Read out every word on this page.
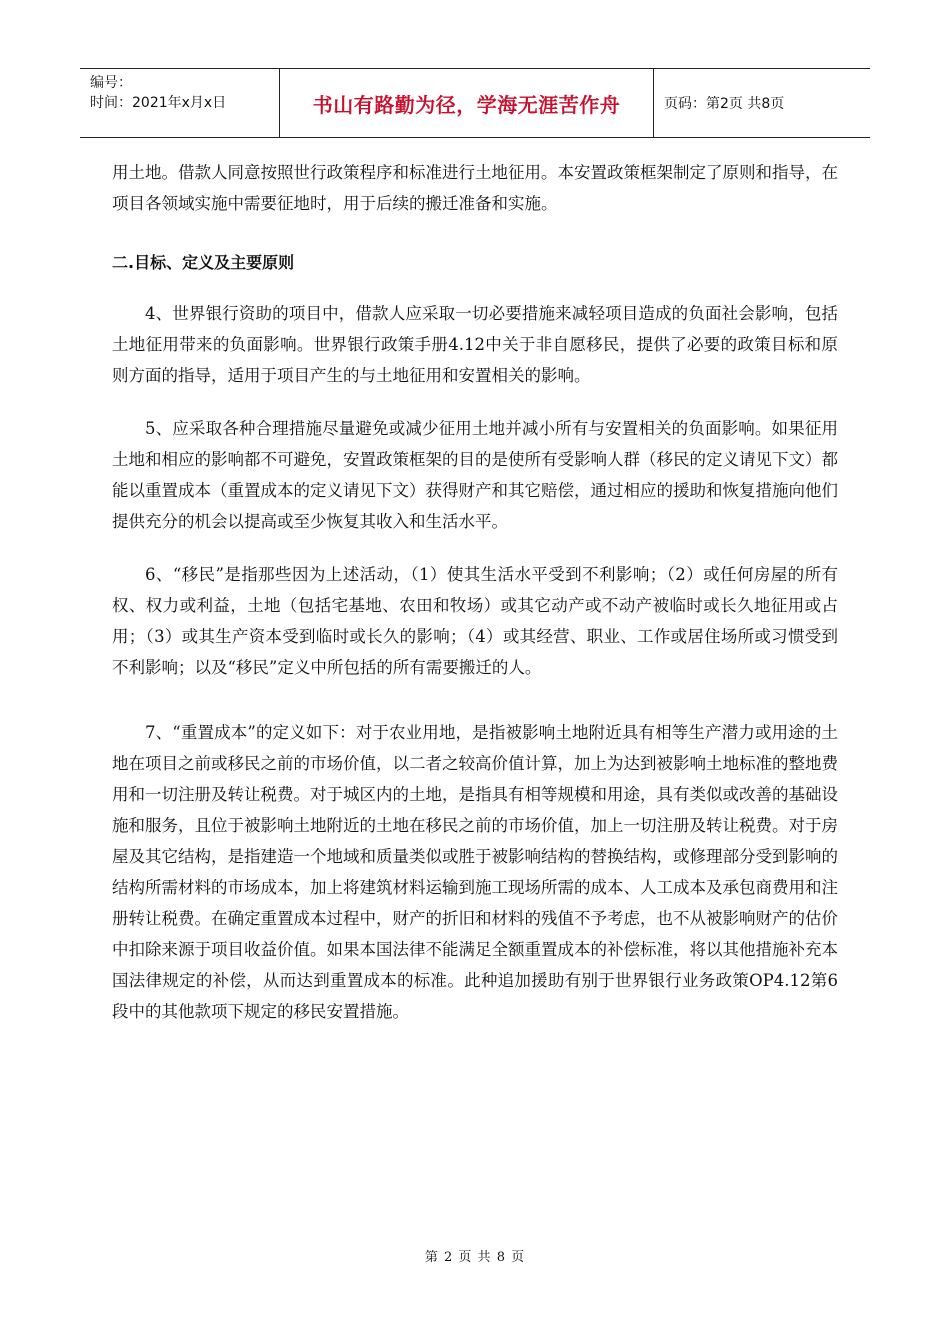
编号：
时间：2021年x月x日	书山有路勤为径，学海无涯苦作舟	页码：第2页 共8页

用土地。借款人同意按照世行政策程序和标准进行土地征用。本安置政策框架制定了原则和指导，在项目各领域实施中需要征地时，用于后续的搬迁准备和实施。

二.目标、定义及主要原则

4、世界银行资助的项目中，借款人应采取一切必要措施来减轻项目造成的负面社会影响，包括土地征用带来的负面影响。世界银行政策手册4.12中关于非自愿移民，提供了必要的政策目标和原则方面的指导，适用于项目产生的与土地征用和安置相关的影响。

5、应采取各种合理措施尽量避免或减少征用土地并减小所有与安置相关的负面影响。如果征用土地和相应的影响都不可避免，安置政策框架的目的是使所有受影响人群（移民的定义请见下文）都能以重置成本（重置成本的定义请见下文）获得财产和其它赔偿，通过相应的援助和恢复措施向他们提供充分的机会以提高或至少恢复其收入和生活水平。

6、“移民”是指那些因为上述活动，（1）使其生活水平受到不利影响；（2）或任何房屋的所有权、权力或利益，土地（包括宅基地、农田和牧场）或其它动产或不动产被临时或长久地征用或占用；（3）或其生产资本受到临时或长久的影响；（4）或其经营、职业、工作或居住场所或习惯受到不利影响；以及“移民”定义中所包括的所有需要搬迁的人。

7、“重置成本”的定义如下：对于农业用地，是指被影响土地附近具有相等生产潜力或用途的土地在项目之前或移民之前的市场价值，以二者之较高价值计算，加上为达到被影响土地标准的整地费用和一切注册及转让税费。对于城区内的土地，是指具有相等规模和用途，具有类似或改善的基础设施和服务，且位于被影响土地附近的土地在移民之前的市场价值，加上一切注册及转让税费。对于房屋及其它结构，是指建造一个地域和质量类似或胜于被影响结构的替换结构，或修理部分受到影响的结构所需材料的市场成本，加上将建筑材料运输到施工现场所需的成本、人工成本及承包商费用和注册转让税费。在确定重置成本过程中，财产的折旧和材料的残值不予考虑，也不从被影响财产的估价中扣除来源于项目收益价值。如果本国法律不能满足全额重置成本的补偿标准，将以其他措施补充本国法律规定的补偿，从而达到重置成本的标准。此种追加援助有别于世界银行业务政策OP4.12第6段中的其他款项下规定的移民安置措施。

第 2 页 共 8 页
